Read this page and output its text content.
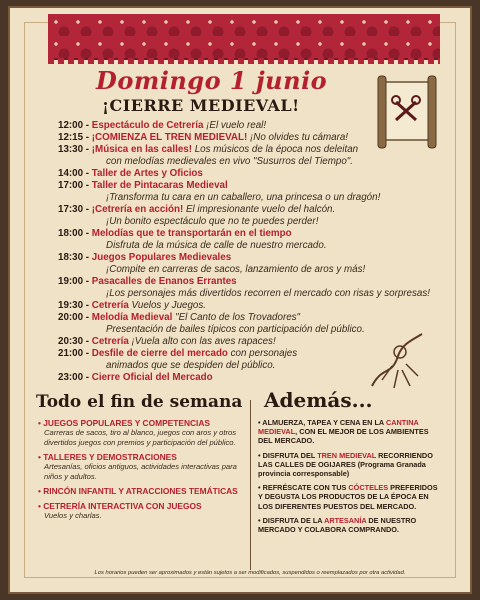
Domingo 1 junio
¡CIERRE MEDIEVAL!
12:00 - Espectáculo de Cetrería ¡El vuelo real!
12:15 - ¡COMIENZA EL TREN MEDIEVAL! ¡No olvides tu cámara!
13:30 - ¡Música en las calles! Los músicos de la época nos deleitan
con melodías medievales en vivo "Susurros del Tiempo".
14:00 - Taller de Artes y Oficios
17:00 - Taller de Pintacaras Medieval
¡Transforma tu cara en un caballero, una princesa o un dragón!
17:30 - ¡Cetrería en acción! El impresionante vuelo del halcón.
¡Un bonito espectáculo que no te puedes perder!
18:00 - Melodías que te transportarán en el tiempo
Disfruta de la música de calle de nuestro mercado.
18:30 - Juegos Populares Medievales
¡Compite en carreras de sacos, lanzamiento de aros y más!
19:00 - Pasacalles de Enanos Errantes
¡Los personajes más divertidos recorren el mercado con risas y sorpresas!
19:30 - Cetrería Vuelos y Juegos.
20:00 - Melodía Medieval "El Canto de los Trovadores"
Presentación de bailes típicos con participación del público.
20:30 - Cetrería ¡Vuela alto con las aves rapaces!
21:00 - Desfile de cierre del mercado con personajes
animados que se despiden del público.
23:00 - Cierre Oficial del Mercado
Todo el fin de semana Además...
• JUEGOS POPULARES Y COMPETENCIAS
Carreras de sacos, tiro al blanco, juegos con aros y otros divertidos juegos con premios y participación del público.
• TALLERES Y DEMOSTRACIONES
Artesanías, oficios antiguos, actividades interactivas para niños y adultos.
• RINCÓN INFANTIL Y ATRACCIONES TEMÁTICAS
• CETRERÍA INTERACTIVA CON JUEGOS
Vuelos y charlas.
• ALMUERZA, TAPEA Y CENA EN LA CANTINA MEDIEVAL, CON EL MEJOR DE LOS AMBIENTES DEL MERCADO.
• DISFRUTA DEL TREN MEDIEVAL RECORRIENDO LAS CALLES DE OGIJARES (Programa Granada provincia corresponsable)
• REFRÉSCATE CON TUS CÓCTELES PREFERIDOS Y DEGUSTA LOS PRODUCTOS DE LA ÉPOCA EN LOS DIFERENTES PUESTOS DEL MERCADO.
• DISFRUTA DE LA ARTESANÍA DE NUESTRO MERCADO Y COLABORA COMPRANDO.
Los horarios pueden ser aproximados y están sujetos a ser modificados, suspendidos o reemplazados por otra actividad.
